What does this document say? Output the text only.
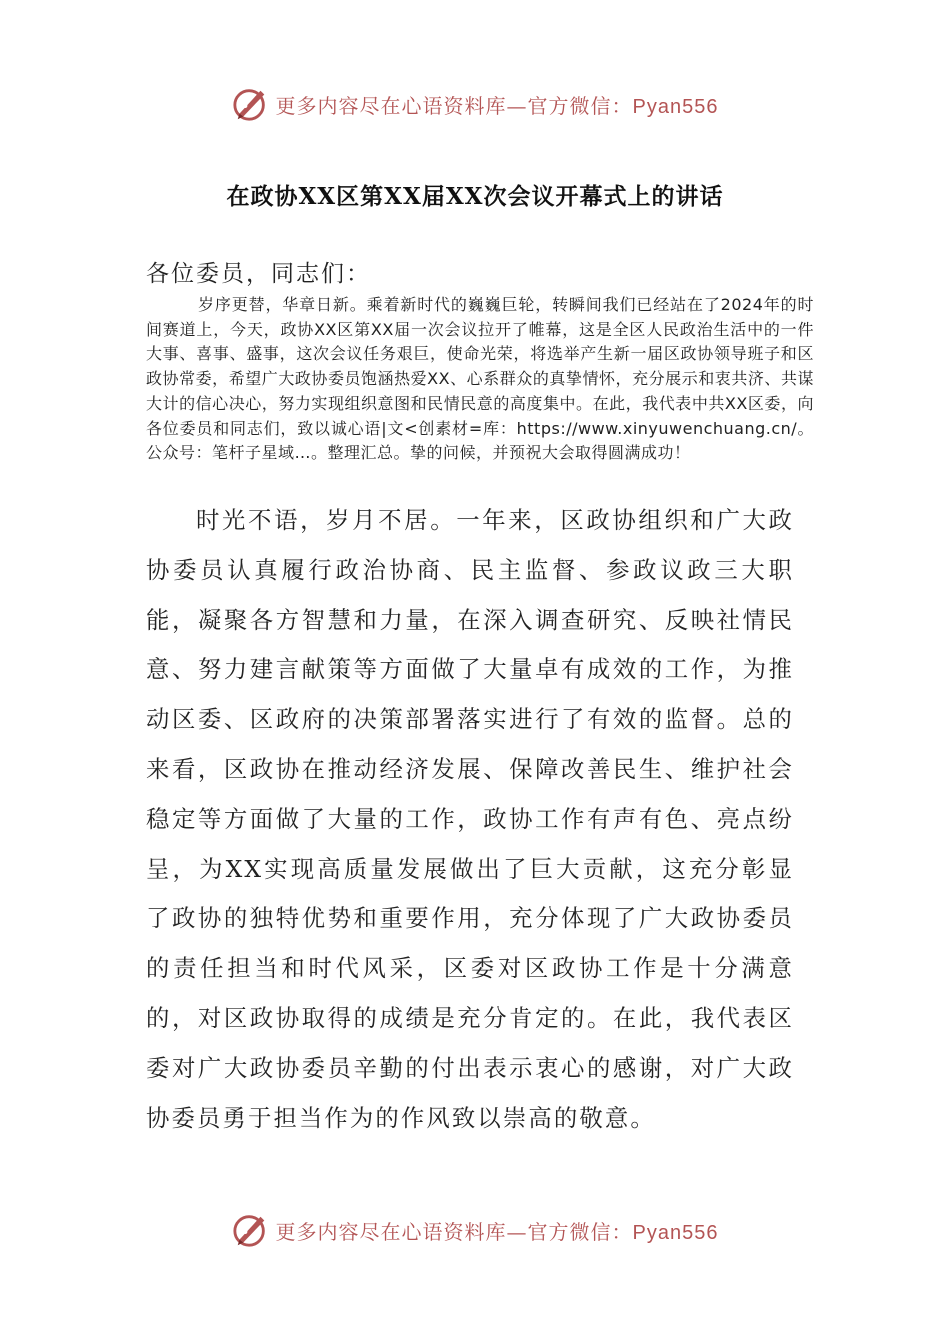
更多内容尽在心语资料库—官方微信：Pyan556
在政协XX区第XX届XX次会议开幕式上的讲话
各位委员，同志们：

岁序更替，华章日新。乘着新时代的巍巍巨轮，转瞬间我们已经站在了2024年的时间赛道上，今天，政协XX区第XX届一次会议拉开了帷幕，这是全区人民政治生活中的一件大事、喜事、盛事，这次会议任务艰巨，使命光荣，将选举产生新一届区政协领导班子和区政协常委，希望广大政协委员饱涵热爱XX、心系群众的真挚情怀，充分展示和衷共济、共谋大计的信心决心，努力实现组织意图和民情民意的高度集中。在此，我代表中共XX区委，向各位委员和同志们，致以诚心语|文<创素材=库：https://www.xinyuwenchuang.cn/。公众号：笔杆子星域…。整理汇总。挚的问候，并预祝大会取得圆满成功！

时光不语，岁月不居。一年来，区政协组织和广大政协委员认真履行政治协商、民主监督、参政议政三大职能，凝聚各方智慧和力量，在深入调查研究、反映社情民意、努力建言献策等方面做了大量卓有成效的工作，为推动区委、区政府的决策部署落实进行了有效的监督。总的来看，区政协在推动经济发展、保障改善民生、维护社会稳定等方面做了大量的工作，政协工作有声有色、亮点纷呈，为XX实现高质量发展做出了巨大贡献，这充分彰显了政协的独特优势和重要作用，充分体现了广大政协委员的责任担当和时代风采，区委对区政协工作是十分满意的，对区政协取得的成绩是充分肯定的。在此，我代表区委对广大政协委员辛勤的付出表示衷心的感谢，对广大政协委员勇于担当作为的作风致以崇高的敬意。

更多内容尽在心语资料库—官方微信：Pyan556
